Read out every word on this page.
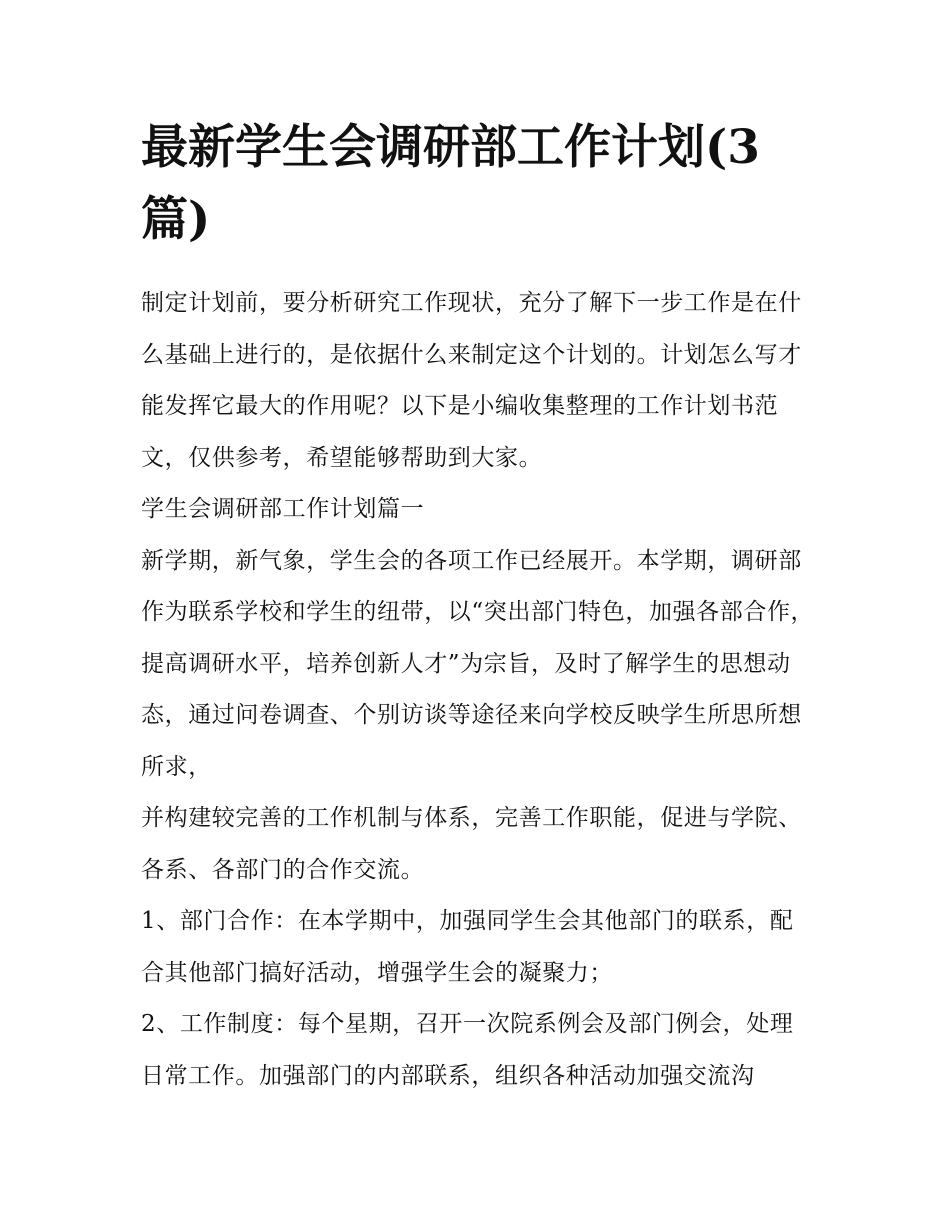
最新学生会调研部工作计划(3篇)

制定计划前，要分析研究工作现状，充分了解下一步工作是在什么基础上进行的，是依据什么来制定这个计划的。计划怎么写才能发挥它最大的作用呢？以下是小编收集整理的工作计划书范文，仅供参考，希望能够帮助到大家。

学生会调研部工作计划篇一

新学期，新气象，学生会的各项工作已经展开。本学期，调研部作为联系学校和学生的纽带，以“突出部门特色，加强各部合作，提高调研水平，培养创新人才”为宗旨，及时了解学生的思想动态，通过问卷调查、个别访谈等途径来向学校反映学生所思所想所求，

并构建较完善的工作机制与体系，完善工作职能，促进与学院、各系、各部门的合作交流。

1、部门合作：在本学期中，加强同学生会其他部门的联系，配合其他部门搞好活动，增强学生会的凝聚力；

2、工作制度：每个星期，召开一次院系例会及部门例会，处理日常工作。加强部门的内部联系，组织各种活动加强交流沟
